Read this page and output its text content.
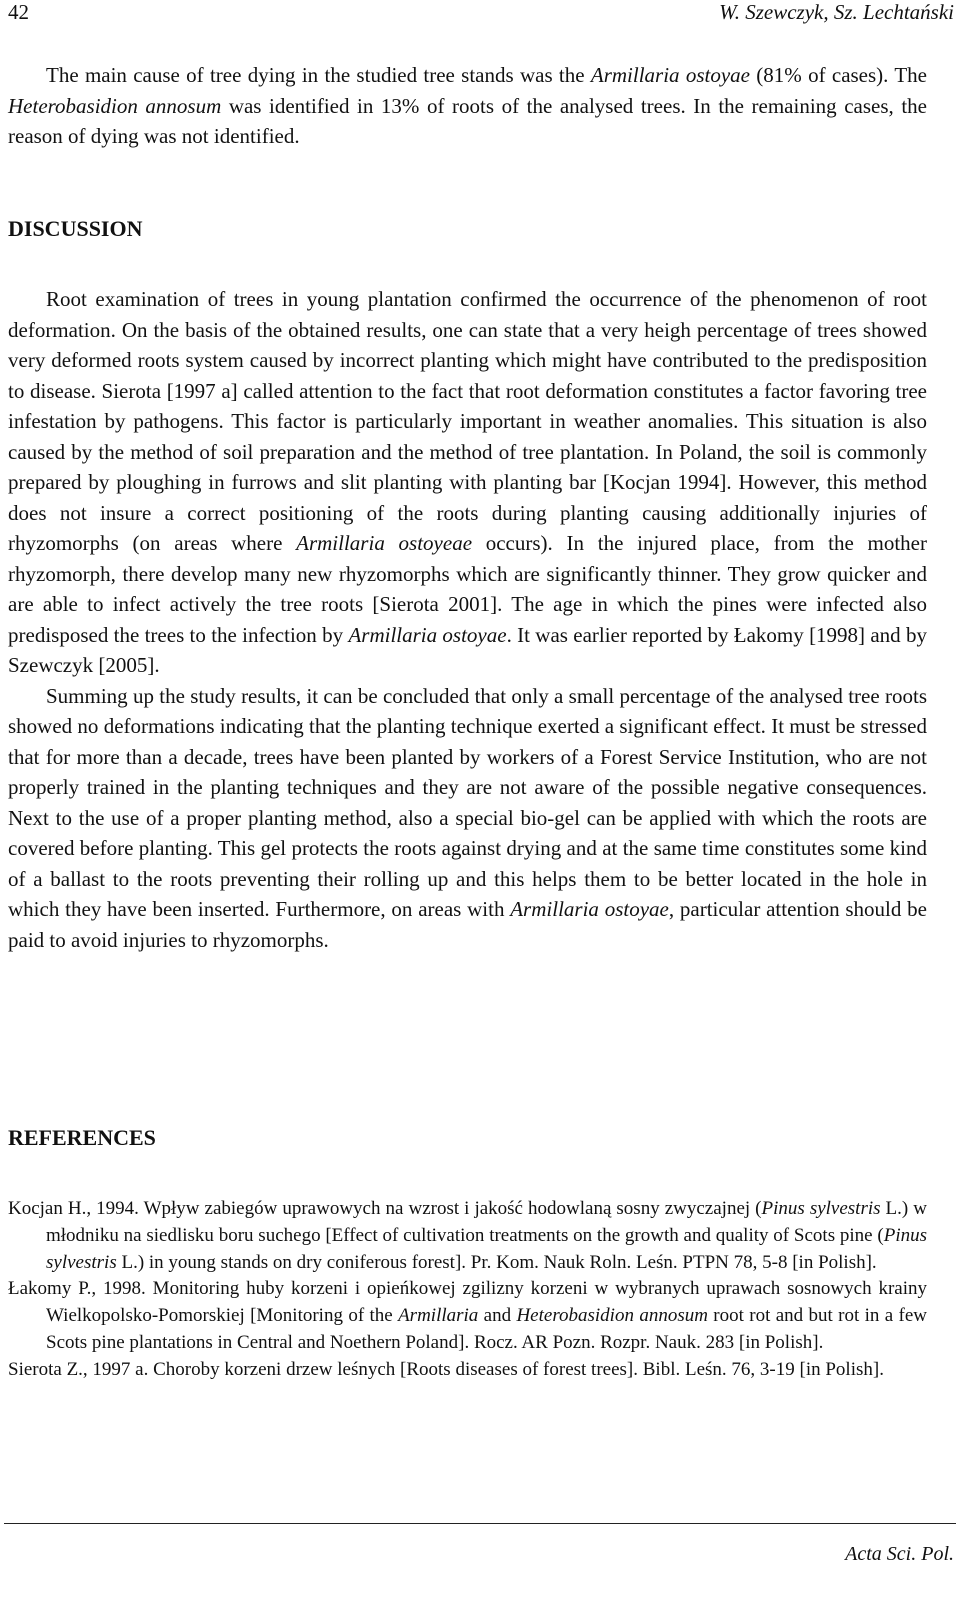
42	W. Szewczyk, Sz. Lechtański

The main cause of tree dying in the studied tree stands was the Armillaria ostoyae (81% of cases). The Heterobasidion annosum was identified in 13% of roots of the analysed trees. In the remaining cases, the reason of dying was not identified.

DISCUSSION

Root examination of trees in young plantation confirmed the occurrence of the phenomenon of root deformation. On the basis of the obtained results, one can state that a very heigh percentage of trees showed very deformed roots system caused by incorrect planting which might have contributed to the predisposition to disease. Sierota [1997 a] called attention to the fact that root deformation constitutes a factor favoring tree infestation by pathogens. This factor is particularly important in weather anomalies. This situation is also caused by the method of soil preparation and the method of tree plantation. In Poland, the soil is commonly prepared by ploughing in furrows and slit planting with planting bar [Kocjan 1994]. However, this method does not insure a correct positioning of the roots during planting causing additionally injuries of rhyzomorphs (on areas where Armillaria ostoyeae occurs). In the injured place, from the mother rhyzomorph, there develop many new rhyzomorphs which are significantly thinner. They grow quicker and are able to infect actively the tree roots [Sierota 2001]. The age in which the pines were infected also predisposed the trees to the infection by Armillaria ostoyae. It was earlier reported by Łakomy [1998] and by Szewczyk [2005].

Summing up the study results, it can be concluded that only a small percentage of the analysed tree roots showed no deformations indicating that the planting technique exerted a significant effect. It must be stressed that for more than a decade, trees have been planted by workers of a Forest Service Institution, who are not properly trained in the planting techniques and they are not aware of the possible negative consequences. Next to the use of a proper planting method, also a special bio-gel can be applied with which the roots are covered before planting. This gel protects the roots against drying and at the same time constitutes some kind of a ballast to the roots preventing their rolling up and this helps them to be better located in the hole in which they have been inserted. Furthermore, on areas with Armillaria ostoyae, particular attention should be paid to avoid injuries to rhyzomorphs.

REFERENCES

Kocjan H., 1994. Wpływ zabiegów uprawowych na wzrost i jakość hodowlaną sosny zwyczajnej (Pinus sylvestris L.) w młodniku na siedlisku boru suchego [Effect of cultivation treatments on the growth and quality of Scots pine (Pinus sylvestris L.) in young stands on dry coniferous forest]. Pr. Kom. Nauk Roln. Leśn. PTPN 78, 5-8 [in Polish].

Łakomy P., 1998. Monitoring huby korzeni i opieńkowej zgilizny korzeni w wybranych uprawach sosnowych krainy Wielkopolsko-Pomorskiej [Monitoring of the Armillaria and Heterobasidion annosum root rot and but rot in a few Scots pine plantations in Central and Noethern Poland]. Rocz. AR Pozn. Rozpr. Nauk. 283 [in Polish].

Sierota Z., 1997 a. Choroby korzeni drzew leśnych [Roots diseases of forest trees]. Bibl. Leśn. 76, 3-19 [in Polish].

Acta Sci. Pol.
